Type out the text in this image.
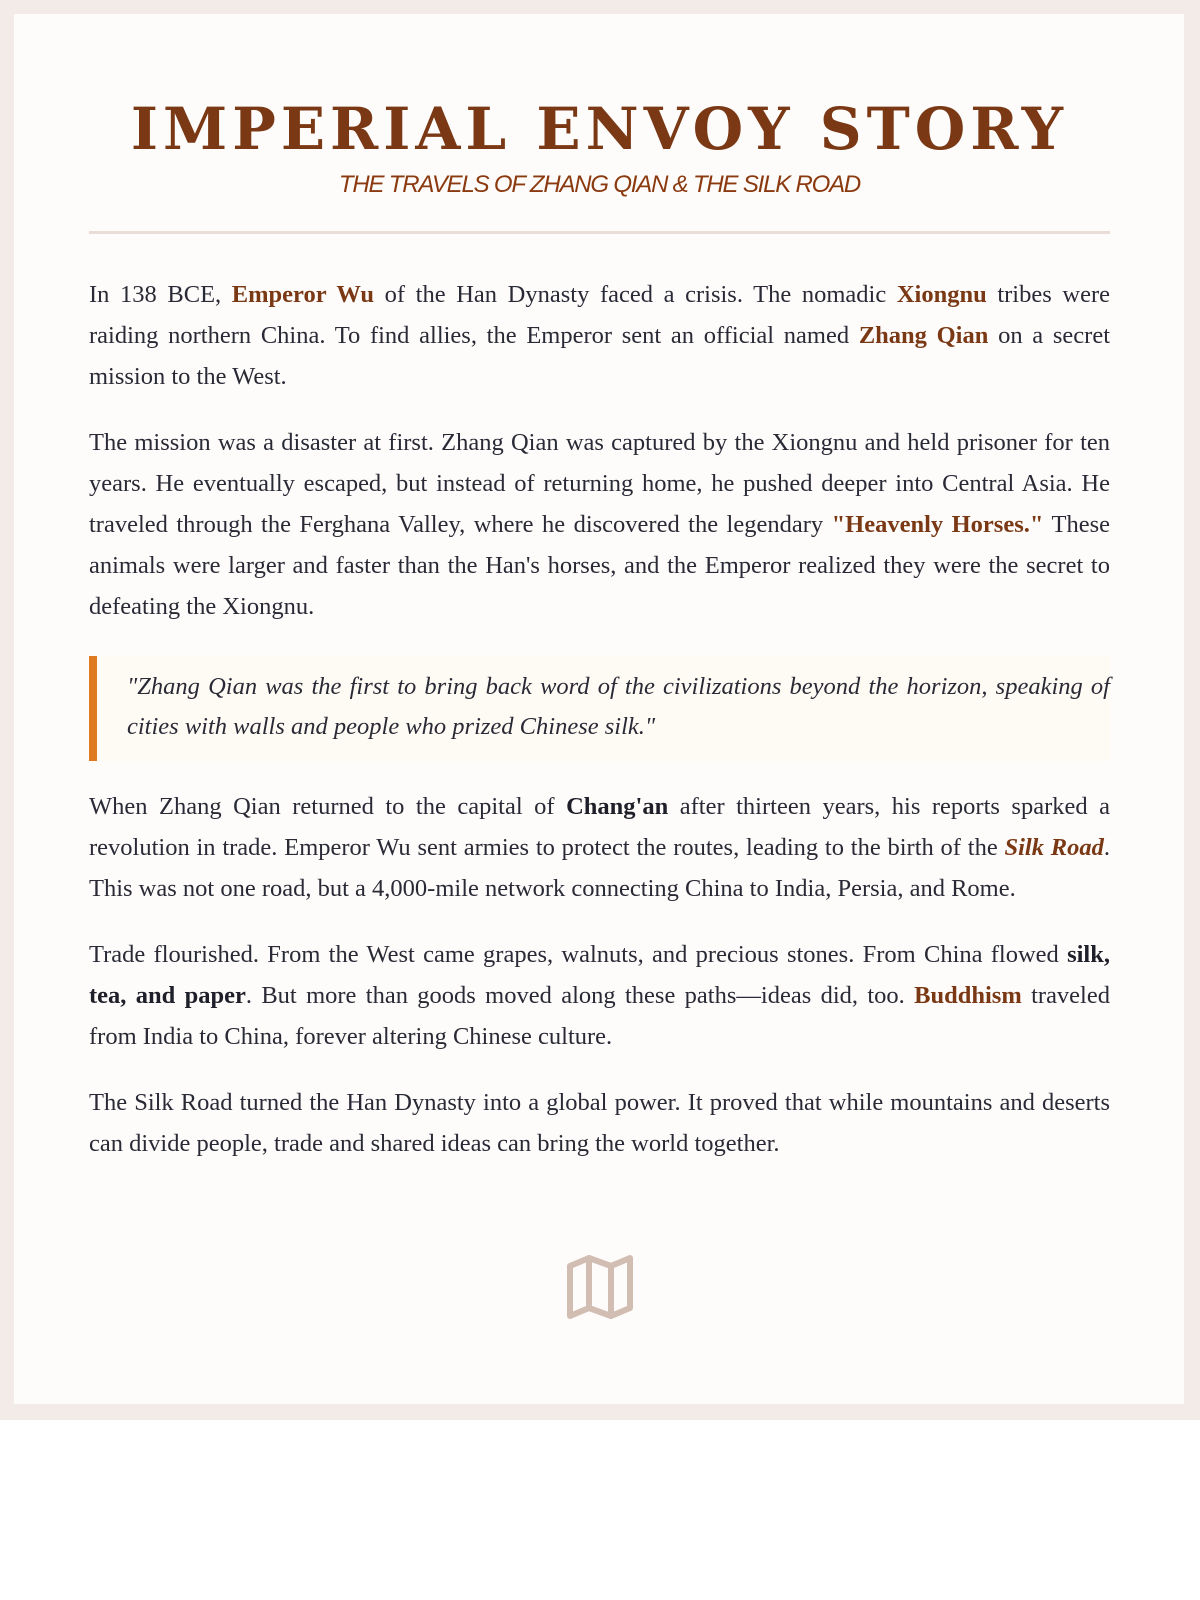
IMPERIAL ENVOY STORY
THE TRAVELS OF ZHANG QIAN & THE SILK ROAD

In 138 BCE, Emperor Wu of the Han Dynasty faced a crisis. The nomadic Xiongnu tribes were raiding northern China. To find allies, the Emperor sent an official named Zhang Qian on a secret mission to the West.

The mission was a disaster at first. Zhang Qian was captured by the Xiongnu and held prisoner for ten years. He eventually escaped, but instead of returning home, he pushed deeper into Central Asia. He traveled through the Ferghana Valley, where he discovered the legendary "Heavenly Horses." These animals were larger and faster than the Han's horses, and the Emperor realized they were the secret to defeating the Xiongnu.

"Zhang Qian was the first to bring back word of the civilizations beyond the horizon, speaking of cities with walls and people who prized Chinese silk."

When Zhang Qian returned to the capital of Chang'an after thirteen years, his reports sparked a revolution in trade. Emperor Wu sent armies to protect the routes, leading to the birth of the Silk Road. This was not one road, but a 4,000-mile network connecting China to India, Persia, and Rome.

Trade flourished. From the West came grapes, walnuts, and precious stones. From China flowed silk, tea, and paper. But more than goods moved along these paths—ideas did, too. Buddhism traveled from India to China, forever altering Chinese culture.

The Silk Road turned the Han Dynasty into a global power. It proved that while mountains and deserts can divide people, trade and shared ideas can bring the world together.
